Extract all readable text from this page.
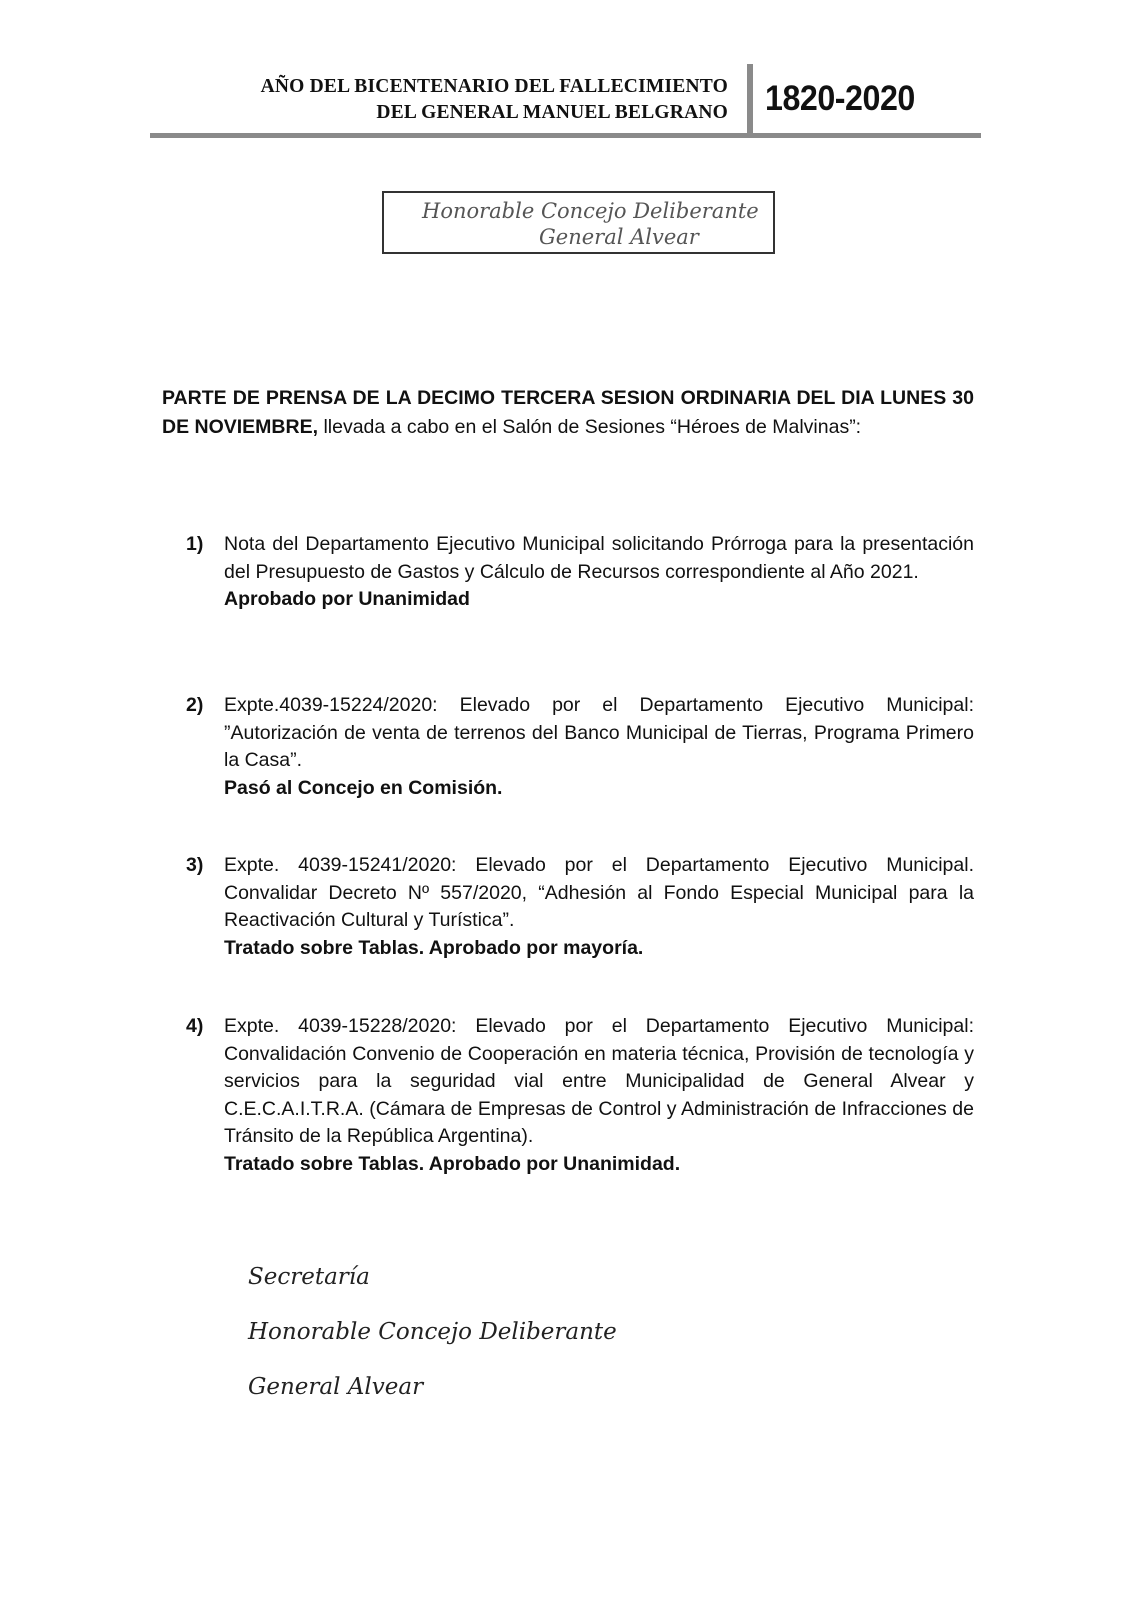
AÑO DEL BICENTENARIO DEL FALLECIMIENTO
DEL GENERAL MANUEL BELGRANO 1820-2020
Honorable Concejo Deliberante
General Alvear
PARTE DE PRENSA DE LA DECIMO TERCERA SESION ORDINARIA DEL DIA LUNES 30 DE NOVIEMBRE, llevada a cabo en el Salón de Sesiones “Héroes de Malvinas”:
1) Nota del Departamento Ejecutivo Municipal solicitando Prórroga para la presentación del Presupuesto de Gastos y Cálculo de Recursos correspondiente al Año 2021.
Aprobado por Unanimidad
2) Expte.4039-15224/2020: Elevado por el Departamento Ejecutivo Municipal: ”Autorización de venta de terrenos del Banco Municipal de Tierras, Programa Primero la Casa”.
Pasó al Concejo en Comisión.
3) Expte. 4039-15241/2020: Elevado por el Departamento Ejecutivo Municipal. Convalidar Decreto Nº 557/2020, “Adhesión al Fondo Especial Municipal para la Reactivación Cultural y Turística”.
Tratado sobre Tablas. Aprobado por mayoría.
4) Expte. 4039-15228/2020: Elevado por el Departamento Ejecutivo Municipal: Convalidación Convenio de Cooperación en materia técnica, Provisión de tecnología y servicios para la seguridad vial entre Municipalidad de General Alvear y C.E.C.A.I.T.R.A. (Cámara de Empresas de Control y Administración de Infracciones de Tránsito de la República Argentina).
Tratado sobre Tablas. Aprobado por Unanimidad.
Secretaría
Honorable Concejo Deliberante
General Alvear
